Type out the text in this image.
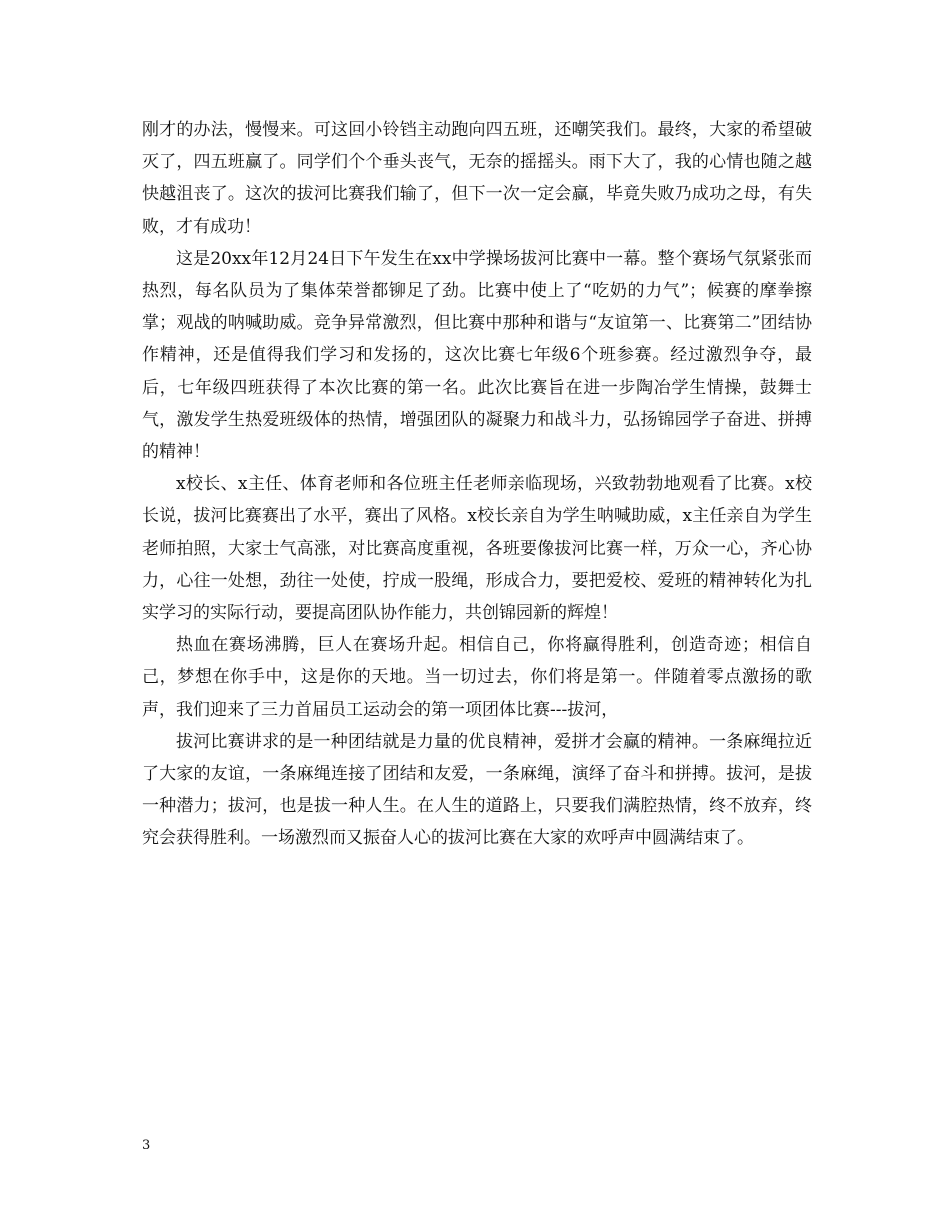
刚才的办法，慢慢来。可这回小铃铛主动跑向四五班，还嘲笑我们。最终，大家的希望破灭了，四五班赢了。同学们个个垂头丧气，无奈的摇摇头。雨下大了，我的心情也随之越快越沮丧了。这次的拔河比赛我们输了，但下一次一定会赢，毕竟失败乃成功之母，有失败，才有成功！

这是20xx年12月24日下午发生在xx中学操场拔河比赛中一幕。整个赛场气氛紧张而热烈，每名队员为了集体荣誉都铆足了劲。比赛中使上了“吃奶的力气”；候赛的摩拳擦掌；观战的呐喊助威。竞争异常激烈，但比赛中那种和谐与“友谊第一、比赛第二”团结协作精神，还是值得我们学习和发扬的，这次比赛七年级6个班参赛。经过激烈争夺，最后，七年级四班获得了本次比赛的第一名。此次比赛旨在进一步陶冶学生情操，鼓舞士气，激发学生热爱班级体的热情，增强团队的凝聚力和战斗力，弘扬锦园学子奋进、拼搏的精神！

x校长、x主任、体育老师和各位班主任老师亲临现场，兴致勃勃地观看了比赛。x校长说，拔河比赛赛出了水平，赛出了风格。x校长亲自为学生呐喊助威，x主任亲自为学生老师拍照，大家士气高涨，对比赛高度重视，各班要像拔河比赛一样，万众一心，齐心协力，心往一处想，劲往一处使，拧成一股绳，形成合力，要把爱校、爱班的精神转化为扎实学习的实际行动，要提高团队协作能力，共创锦园新的辉煌！

热血在赛场沸腾，巨人在赛场升起。相信自己，你将赢得胜利，创造奇迹；相信自己，梦想在你手中，这是你的天地。当一切过去，你们将是第一。伴随着零点激扬的歌声，我们迎来了三力首届员工运动会的第一项团体比赛---拔河，

拔河比赛讲求的是一种团结就是力量的优良精神，爱拼才会赢的精神。一条麻绳拉近了大家的友谊，一条麻绳连接了团结和友爱，一条麻绳，演绎了奋斗和拼搏。拔河，是拔一种潜力；拔河，也是拔一种人生。在人生的道路上，只要我们满腔热情，终不放弃，终究会获得胜利。一场激烈而又振奋人心的拔河比赛在大家的欢呼声中圆满结束了。

3
